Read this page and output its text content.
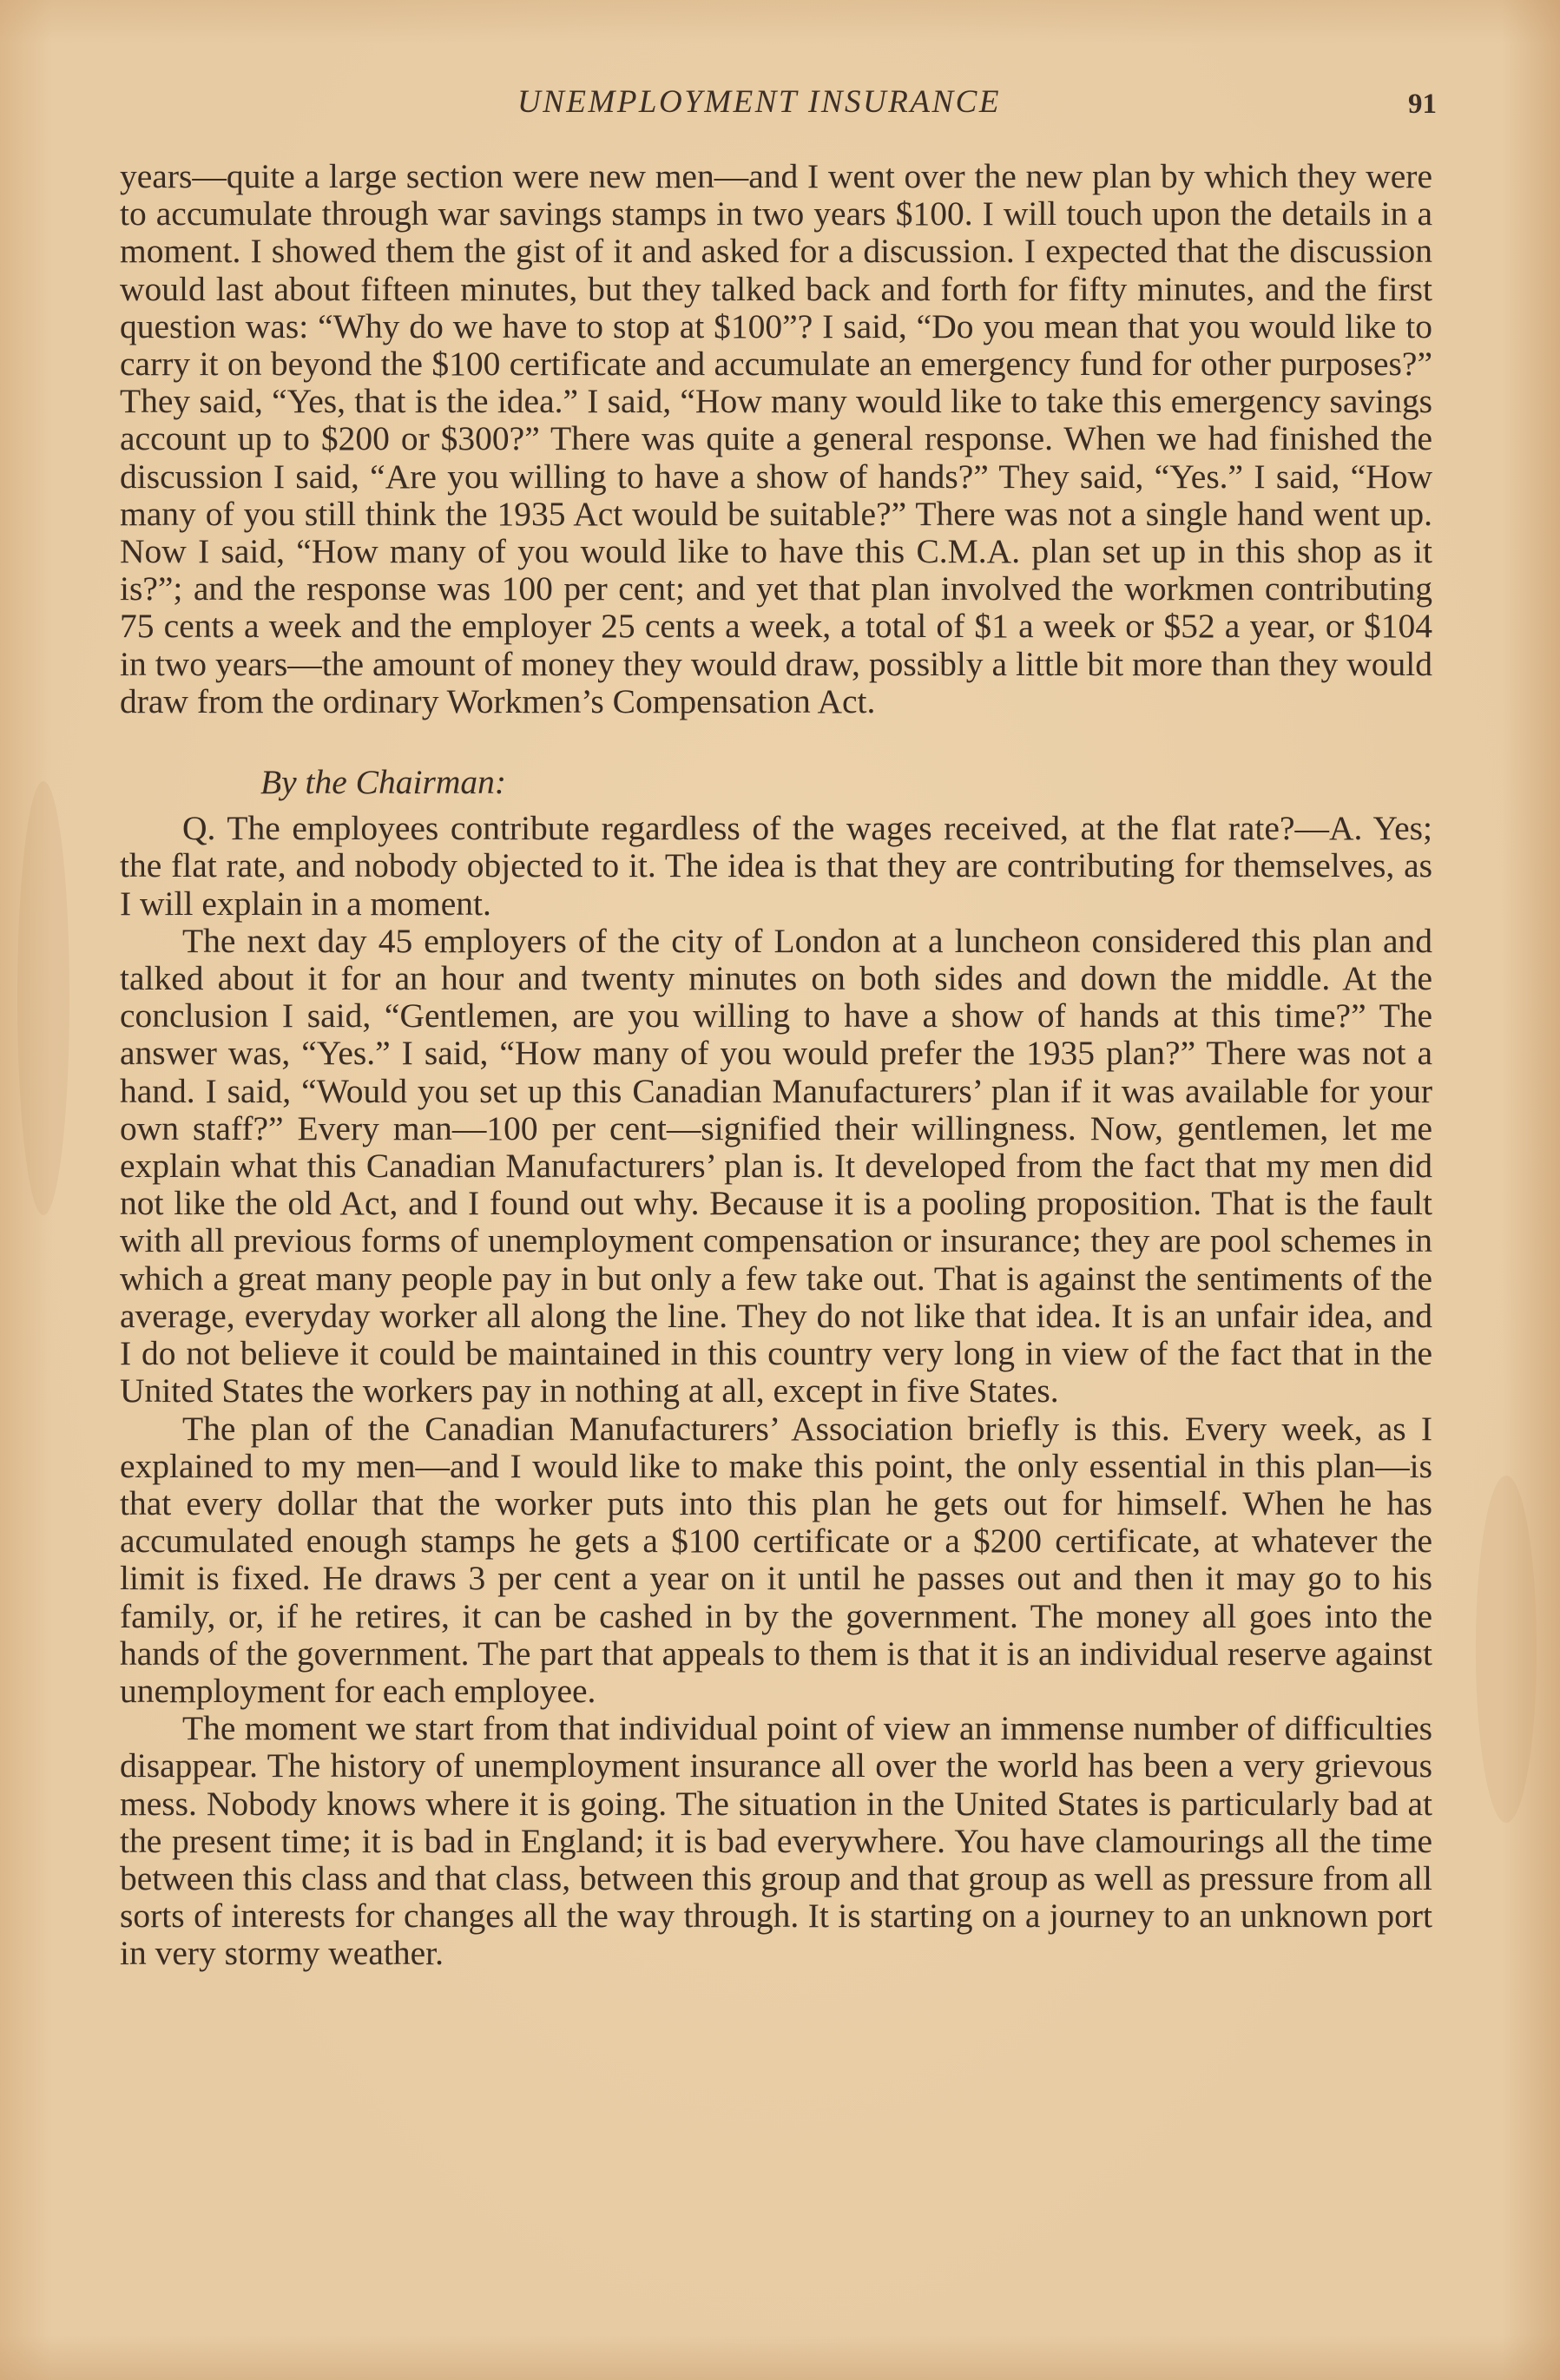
UNEMPLOYMENT INSURANCE	91

years—quite a large section were new men—and I went over the new plan by which they were to accumulate through war savings stamps in two years $100. I will touch upon the details in a moment. I showed them the gist of it and asked for a discussion. I expected that the discussion would last about fifteen minutes, but they talked back and forth for fifty minutes, and the first question was: “Why do we have to stop at $100”? I said, “Do you mean that you would like to carry it on beyond the $100 certificate and accumulate an emergency fund for other purposes?” They said, “Yes, that is the idea.” I said, “How many would like to take this emergency savings account up to $200 or $300?” There was quite a general response. When we had finished the discussion I said, “Are you willing to have a show of hands?” They said, “Yes.” I said, “How many of you still think the 1935 Act would be suitable?” There was not a single hand went up. Now I said, “How many of you would like to have this C.M.A. plan set up in this shop as it is?”; and the response was 100 per cent; and yet that plan involved the workmen contributing 75 cents a week and the employer 25 cents a week, a total of $1 a week or $52 a year, or $104 in two years—the amount of money they would draw, possibly a little bit more than they would draw from the ordinary Workmen’s Compensation Act.

By the Chairman:

Q. The employees contribute regardless of the wages received, at the flat rate?—A. Yes; the flat rate, and nobody objected to it. The idea is that they are contributing for themselves, as I will explain in a moment.

The next day 45 employers of the city of London at a luncheon considered this plan and talked about it for an hour and twenty minutes on both sides and down the middle. At the conclusion I said, “Gentlemen, are you willing to have a show of hands at this time?” The answer was, “Yes.” I said, “How many of you would prefer the 1935 plan?” There was not a hand. I said, “Would you set up this Canadian Manufacturers’ plan if it was available for your own staff?” Every man—100 per cent—signified their willingness. Now, gentlemen, let me explain what this Canadian Manufacturers’ plan is. It developed from the fact that my men did not like the old Act, and I found out why. Because it is a pooling proposition. That is the fault with all previous forms of unemployment compensation or insurance; they are pool schemes in which a great many people pay in but only a few take out. That is against the sentiments of the average, everyday worker all along the line. They do not like that idea. It is an unfair idea, and I do not believe it could be maintained in this country very long in view of the fact that in the United States the workers pay in nothing at all, except in five States.

The plan of the Canadian Manufacturers’ Association briefly is this. Every week, as I explained to my men—and I would like to make this point, the only essential in this plan—is that every dollar that the worker puts into this plan he gets out for himself. When he has accumulated enough stamps he gets a $100 certificate or a $200 certificate, at whatever the limit is fixed. He draws 3 per cent a year on it until he passes out and then it may go to his family, or, if he retires, it can be cashed in by the government. The money all goes into the hands of the government. The part that appeals to them is that it is an individual reserve against unemployment for each employee.

The moment we start from that individual point of view an immense number of difficulties disappear. The history of unemployment insurance all over the world has been a very grievous mess. Nobody knows where it is going. The situation in the United States is particularly bad at the present time; it is bad in England; it is bad everywhere. You have clamourings all the time between this class and that class, between this group and that group as well as pressure from all sorts of interests for changes all the way through. It is starting on a journey to an unknown port in very stormy weather.
